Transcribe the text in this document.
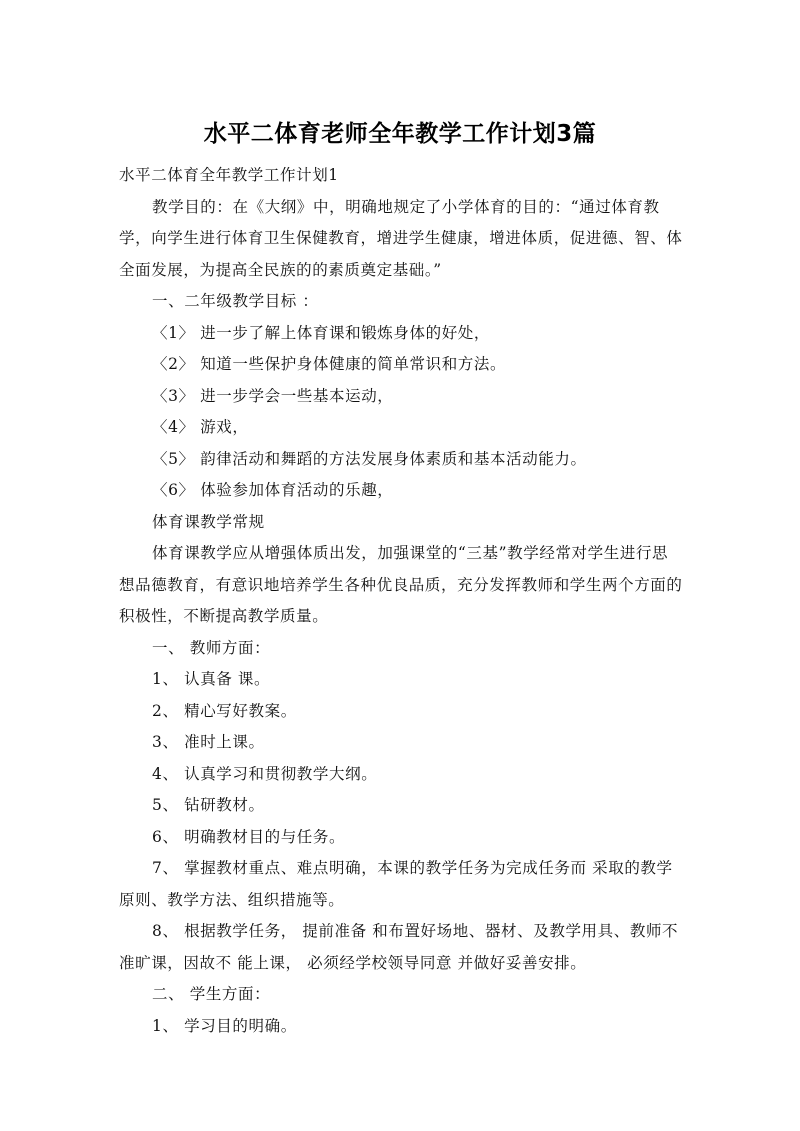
水平二体育老师全年教学工作计划3篇

水平二体育全年教学工作计划1

教学目的：在《大纲》中，明确地规定了小学体育的目的：“通过体育教学，向学生进行体育卫生保健教育，增进学生健康，增进体质，促进德、智、体全面发展，为提高全民族的的素质奠定基础。”

一、二年级教学目标 ：

〈1〉 进一步了解上体育课和锻炼身体的好处，

〈2〉 知道一些保护身体健康的简单常识和方法。

〈3〉 进一步学会一些基本运动，

〈4〉 游戏，

〈5〉 韵律活动和舞蹈的方法发展身体素质和基本活动能力。

〈6〉 体验参加体育活动的乐趣，

体育课教学常规

体育课教学应从增强体质出发，加强课堂的“三基”教学经常对学生进行思想品德教育，有意识地培养学生各种优良品质，充分发挥教师和学生两个方面的积极性，不断提高教学质量。

一、 教师方面：

1、 认真备 课。

2、 精心写好教案。

3、 准时上课。

4、 认真学习和贯彻教学大纲。

5、 钻研教材。

6、 明确教材目的与任务。

7、 掌握教材重点、难点明确，本课的教学任务为完成任务而 采取的教学原则、教学方法、组织措施等。

8、 根据教学任务， 提前准备 和布置好场地、器材、及教学用具、教师不 准旷课，因故不 能上课， 必须经学校领导同意 并做好妥善安排。

二、 学生方面：

1、 学习目的明确。
